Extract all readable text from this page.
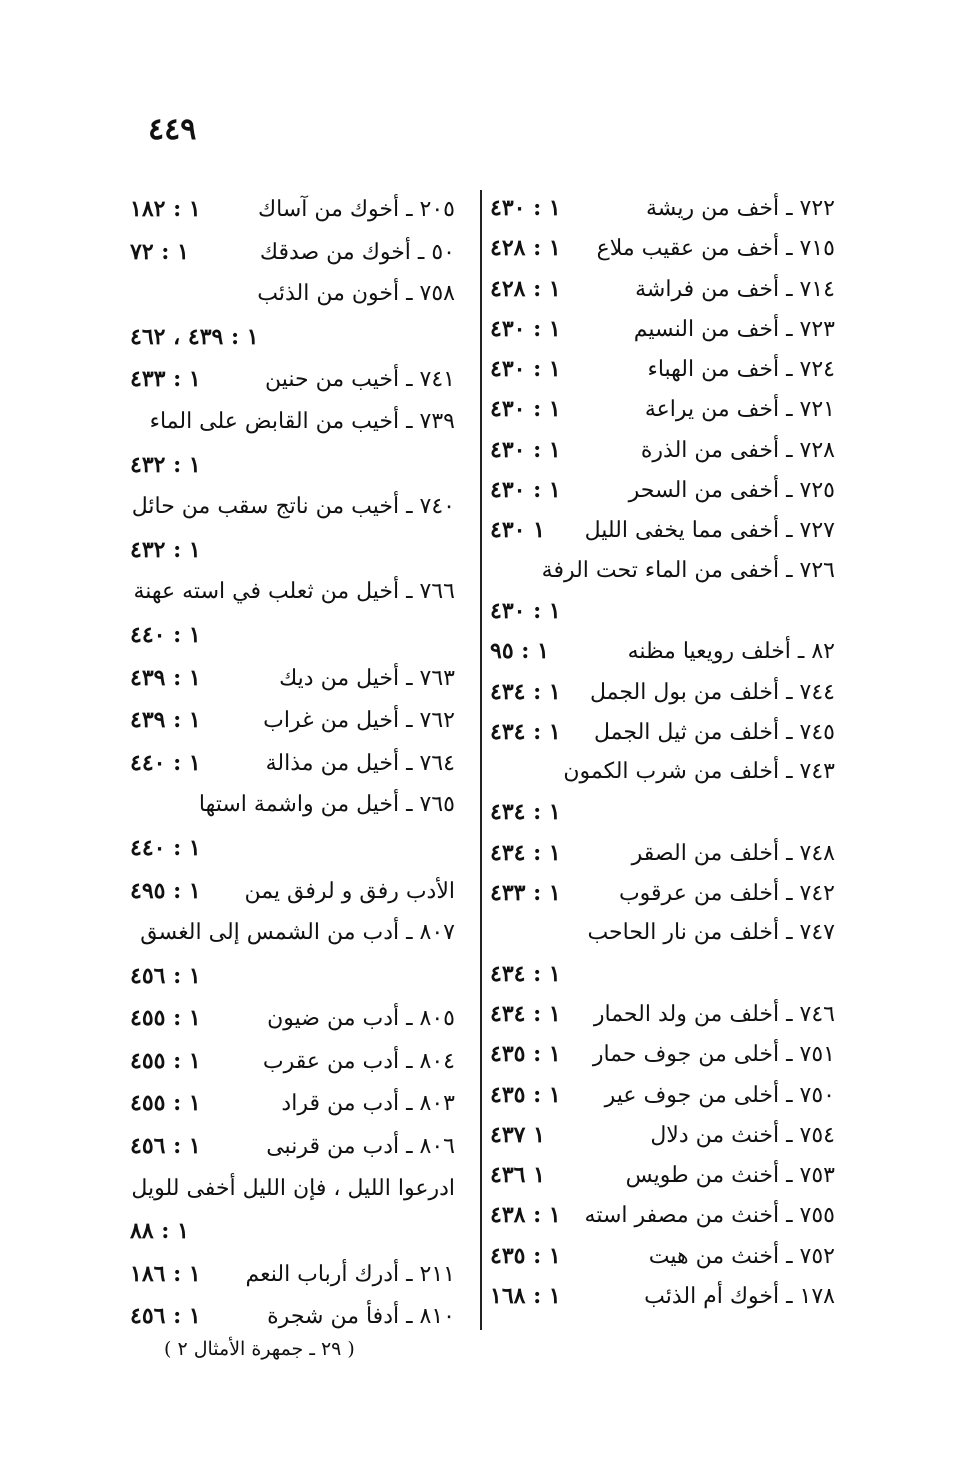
٤٤٩
٧٢٢ ـ أخف من ريشة
١ : ٤٣٠
٧١٥ ـ أخف من عقيب ملاع
١ : ٤٢٨
٧١٤ ـ أخف من فراشة
١ : ٤٢٨
٧٢٣ ـ أخف من النسيم
١ : ٤٣٠
٧٢٤ ـ أخف من الهباء
١ : ٤٣٠
٧٢١ ـ أخف من يراعة
١ : ٤٣٠
٧٢٨ ـ أخفى من الذرة
١ : ٤٣٠
٧٢٥ ـ أخفى من السحر
١ : ٤٣٠
٧٢٧ ـ أخفى مما يخفى الليل
١ ٤٣٠
٧٢٦ ـ أخفى من الماء تحت الرفة
١ : ٤٣٠
٨٢ ـ أخلف رويعيا مظنه
١ : ٩٥
٧٤٤ ـ أخلف من بول الجمل
١ : ٤٣٤
٧٤٥ ـ أخلف من ثيل الجمل
١ : ٤٣٤
٧٤٣ ـ أخلف من شرب الكمون
١ : ٤٣٤
٧٤٨ ـ أخلف من الصقر
١ : ٤٣٤
٧٤٢ ـ أخلف من عرقوب
١ : ٤٣٣
٧٤٧ ـ أخلف من نار الحاحب
١ : ٤٣٤
٧٤٦ ـ أخلف من ولد الحمار
١ : ٤٣٤
٧٥١ ـ أخلى من جوف حمار
١ : ٤٣٥
٧٥٠ ـ أخلى من جوف عير
١ : ٤٣٥
٧٥٤ ـ أخنث من دلال
١ ٤٣٧
٧٥٣ ـ أخنث من طويس
١ ٤٣٦
٧٥٥ ـ أخنث من مصفر استه
١ : ٤٣٨
٧٥٢ ـ أخنث من هيت
١ : ٤٣٥
١٧٨ ـ أخوك أم الذئب
١ : ١٦٨
٢٠٥ ـ أخوك من آساك
١ : ١٨٢
٥٠ ـ أخوك من صدقك
١ : ٧٢
٧٥٨ ـ أخون من الذئب
١ : ٤٣٩ ، ٤٦٢
٧٤١ ـ أخيب من حنين
١ : ٤٣٣
٧٣٩ ـ أخيب من القابض على الماء
١ : ٤٣٢
٧٤٠ ـ أخيب من ناتج سقب من حائل
١ : ٤٣٢
٧٦٦ ـ أخيل من ثعلب في استه عهنة
١ : ٤٤٠
٧٦٣ ـ أخيل من ديك
١ : ٤٣٩
٧٦٢ ـ أخيل من غراب
١ : ٤٣٩
٧٦٤ ـ أخيل من مذالة
١ : ٤٤٠
٧٦٥ ـ أخيل من واشمة استها
١ : ٤٤٠
الأدب رفق و لرفق يمن
١ : ٤٩٥
٨٠٧ ـ أدب من الشمس إلى الغسق
١ : ٤٥٦
٨٠٥ ـ أدب من ضيون
١ : ٤٥٥
٨٠٤ ـ أدب من عقرب
١ : ٤٥٥
٨٠٣ ـ أدب من قراد
١ : ٤٥٥
٨٠٦ ـ أدب من قرنبى
١ : ٤٥٦
ادرعوا الليل ، فإن الليل أخفى للويل
١ : ٨٨
٢١١ ـ أدرك أرباب النعم
١ : ١٨٦
٨١٠ ـ أدفأ من شجرة
١ : ٤٥٦
( ٢٩ ـ جمهرة الأمثال ٢ )
